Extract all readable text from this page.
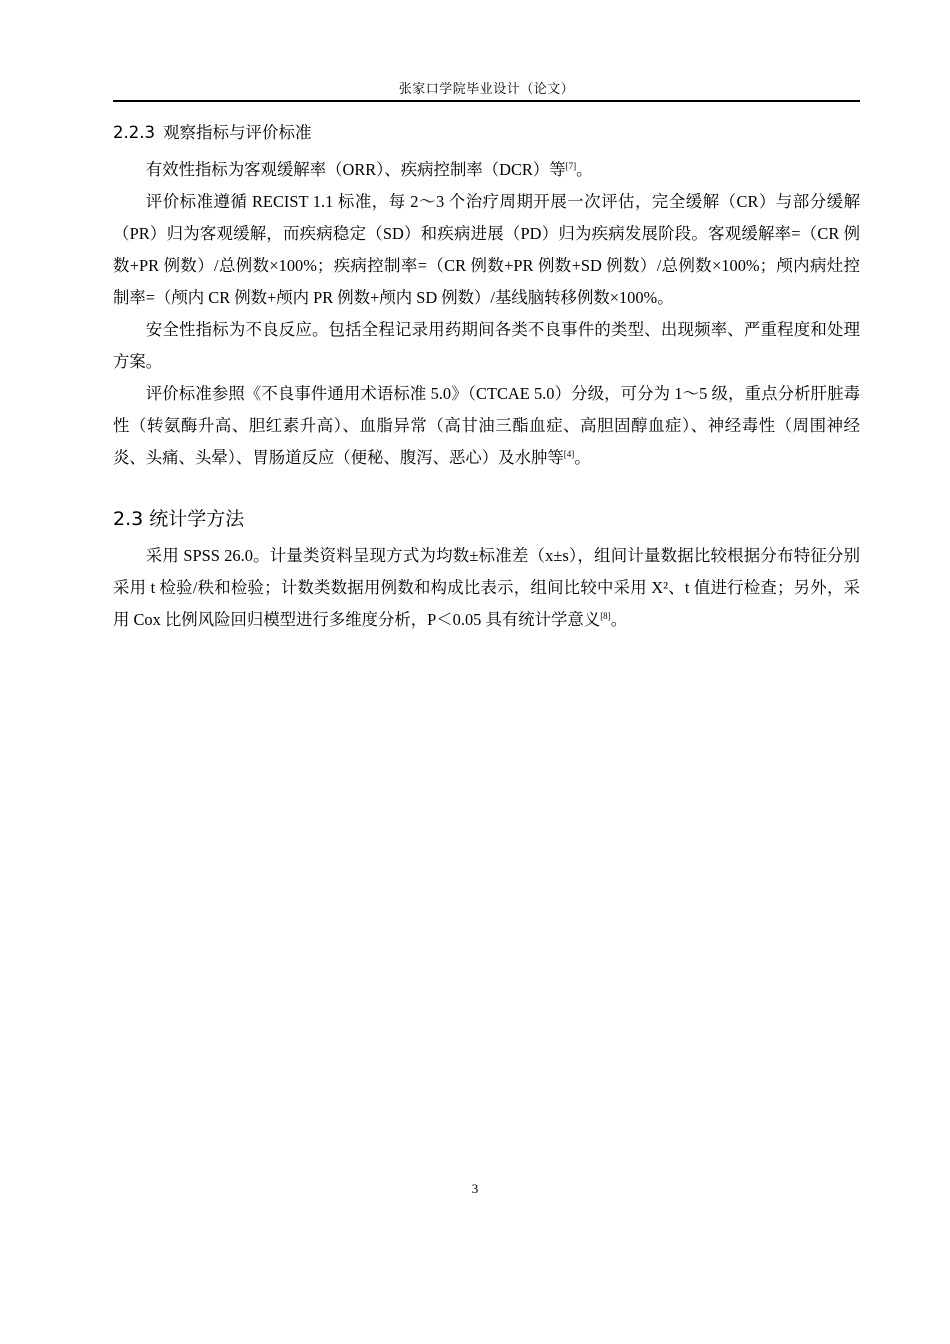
张家口学院毕业设计（论文）
2.2.3 观察指标与评价标准

有效性指标为客观缓解率（ORR）、疾病控制率（DCR）等[7]。

评价标准遵循 RECIST 1.1 标准，每 2～3 个治疗周期开展一次评估，完全缓解（CR）与部分缓解（PR）归为客观缓解，而疾病稳定（SD）和疾病进展（PD）归为疾病发展阶段。客观缓解率=（CR 例数+PR 例数）/总例数×100%；疾病控制率=（CR 例数+PR 例数+SD 例数）/总例数×100%；颅内病灶控制率=（颅内 CR 例数+颅内 PR 例数+颅内 SD 例数）/基线脑转移例数×100%。

安全性指标为不良反应。包括全程记录用药期间各类不良事件的类型、出现频率、严重程度和处理方案。

评价标准参照《不良事件通用术语标准 5.0》（CTCAE 5.0）分级，可分为 1～5 级，重点分析肝脏毒性（转氨酶升高、胆红素升高）、血脂异常（高甘油三酯血症、高胆固醇血症）、神经毒性（周围神经炎、头痛、头晕）、胃肠道反应（便秘、腹泻、恶心）及水肿等[4]。

2.3 统计学方法

采用 SPSS 26.0。计量类资料呈现方式为均数±标准差（x±s），组间计量数据比较根据分布特征分别采用 t 检验/秩和检验；计数类数据用例数和构成比表示，组间比较中采用 X²、t 值进行检查；另外，采用 Cox 比例风险回归模型进行多维度分析，P＜0.05 具有统计学意义[8]。

3
